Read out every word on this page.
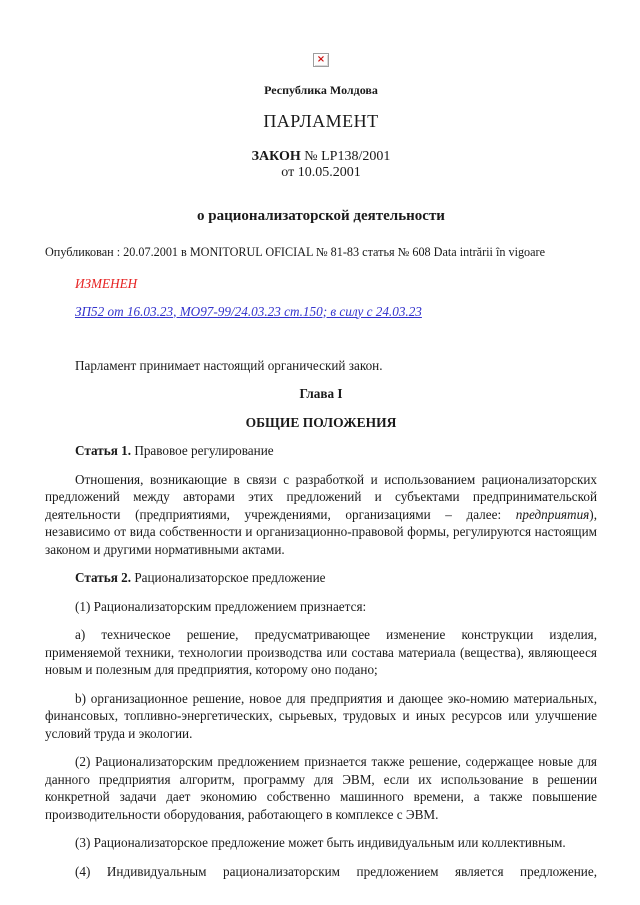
×

Республика Молдова

ПАРЛАМЕНТ

ЗАКОН № LP138/2001

от 10.05.2001

о рационализаторской деятельности

Опубликован : 20.07.2001 в MONITORUL OFICIAL № 81-83 статья № 608 Data intrării în vigoare

ИЗМЕНЕН

ЗП52 от 16.03.23, МО97-99/24.03.23 ст.150; в силу с 24.03.23

Парламент принимает настоящий органический закон.

Глава I

ОБЩИЕ ПОЛОЖЕНИЯ

Статья 1. Правовое регулирование

Отношения, возникающие в связи с разработкой и использованием рационализаторских предложений между авторами этих предложений и субъектами предпринимательской деятельности (предприятиями, учреждениями, организациями – далее: предприятия), независимо от вида собственности и организационно-правовой формы, регулируются настоящим законом и другими нормативными актами.

Статья 2. Рационализаторское предложение

(1) Рационализаторским предложением признается:

а) техническое решение, предусматривающее изменение конструкции изделия, применяемой техники, технологии производства или состава материала (вещества), являющееся новым и полезным для предприятия, которому оно подано;

b) организационное решение, новое для предприятия и дающее эко-номию материальных, финансовых, топливно-энергетических, сырьевых, трудовых и иных ресурсов или улучшение условий труда и экологии.

(2) Рационализаторским предложением признается также решение, содержащее новые для данного предприятия алгоритм, программу для ЭВМ, если их использование в решении конкретной задачи дает экономию собственно машинного времени, а также повышение производительности оборудования, работающего в комплексе с ЭВМ.

(3) Рационализаторское предложение может быть индивидуальным или коллективным.

(4) Индивидуальным рационализаторским предложением является предложение,
